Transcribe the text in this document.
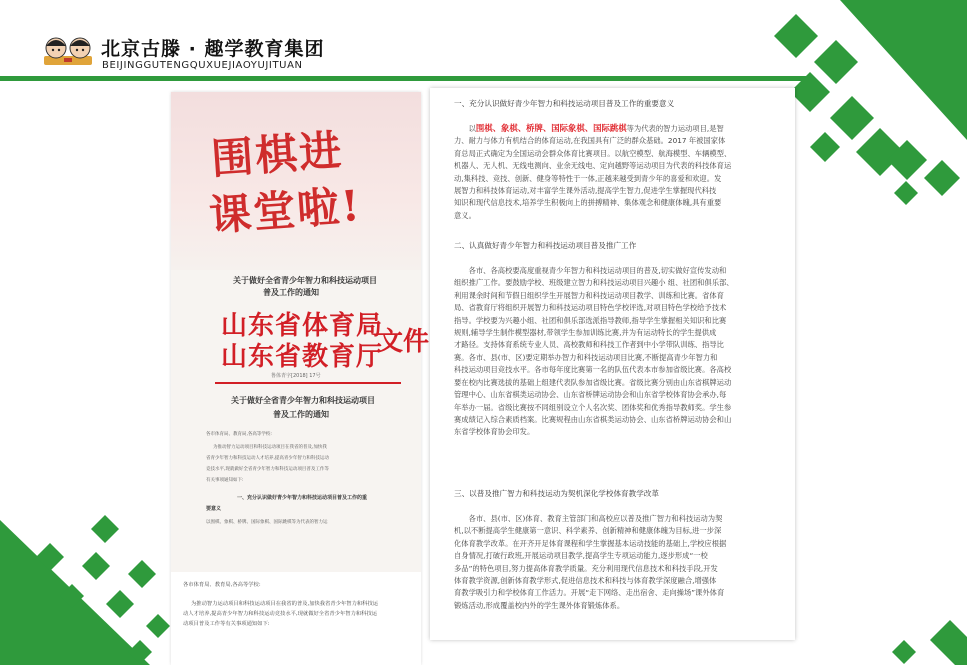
北京古滕 · 趣学教育集团
BEIJINGGUTENGQUXUEJIAOYUJITUAN
围棋进
课堂啦!
关于做好全省青少年智力和科技运动项目
普及工作的通知
山东省体育局
山东省教育厅
文件
鲁体青字[2018] 17号
关于做好全省青少年智力和科技运动项目
普及工作的通知
各市体育局、教育局,各高等学校:
为推动智力运动项目和科技运动项目在我省的普及,加快我
省青少年智力和科技运动人才培养,提高青少年智力和科技运动
竞技水平,现就做好全省青少年智力和科技运动项目普及工作等
有关事项通知如下:
一、充分认识做好青少年智力和科技运动项目普及工作的重
要意义
以围棋、象棋、桥牌、国际象棋、国际跳棋等为代表的智力运
各市体育局、教育局,各高等学校:
为推动智力运动项目和科技运动项目在我省的普及,加快我省青少年智力和科技运
动人才培养,提高青少年智力和科技运动竞技水平,现就做好全省青少年智力和科技运
动项目普及工作等有关事项通知如下:
一、充分认识做好青少年智力和科技运动项目普及工作的重要意义
　　以围棋、象棋、桥牌、国际象棋、国际跳棋等为代表的智力运动项目,是智
力、耐力与体力有机结合的体育运动,在我国具有广泛的群众基础。2017 年被国家体
育总局正式确定为全国运动会群众体育比赛项目。以航空模型、航海模型、车辆模型、
机器人、无人机、无线电测向、业余无线电、定向越野等运动项目为代表的科技体育运
动,集科技、竞技、创新、健身等特性于一体,正越来越受到青少年的喜爱和欢迎。发
展智力和科技体育运动,对丰富学生课外活动,提高学生智力,促进学生掌握现代科技
知识和现代信息技术,培养学生积极向上的拼搏精神、集体观念和健康体魄,具有重要
意义。
二、认真做好青少年智力和科技运动项目普及推广工作
　　各市、各高校要高度重视青少年智力和科技运动项目的普及,切实做好宣传发动和
组织推广工作。要鼓励学校、班级建立智力和科技运动项目兴趣小 组、社团和俱乐部、
利用课余时间和节假日组织学生开展智力和科技运动项目教学、训练和比赛。省体育
局、省教育厅将组织开展智力和科技运动项目特色学校评选,对项目特色学校给予技术
指导。学校要为兴趣小组、社团和俱乐部选派指导教师,指导学生掌握相关知识和比赛
规则,辅导学生制作模型器材,带领学生参加训练比赛,并为有运动特长的学生提供成
才路径。支持体育系统专业人员、高校教师和科技工作者到中小学带队训练、指导比
赛。
　　 各市、县(市、区)要定期举办智力和科技运动项目比赛,不断提高青少年智力和
科技运动项目竞技水平。各市每年度比赛第一名的队伍代表本市参加省级比赛。各高校
要在校内比赛选拔的基础上组建代表队参加省级比赛。省级比赛分别由山东省棋牌运动
管理中心、山东省棋类运动协会、山东省桥牌运动协会和山东省学校体育协会承办,每
年举办一届。省级比赛按不同组别设立个人名次奖、团体奖和优秀指导教师奖。学生参
赛成绩记入综合素质档案。比赛规程由山东省棋类运动协会、山东省桥牌运动协会和山
东省学校体育协会印发。
三、以普及推广智力和科技运动为契机深化学校体育教学改革
　　各市、县(市、区)体育、教育主管部门和高校应以普及推广智力和科技运动为契
机,以不断提高学生健康第一意识、科学素养、创新精神和健康体魄为目标,进一步深
化体育教学改革。在开齐开足体育课程和学生掌握基本运动技能的基础上,学校应根据
自身情况,打破行政班,开展运动项目教学,提高学生专项运动能力,逐步形成“一校
多品”的特色项目,努力提高体育教学质量。充分利用现代信息技术和科技手段,开发
体育教学资源,创新体育教学形式,促进信息技术和科技与体育教学深度融合,增强体
育教学吸引力和学校体育工作活力。开展“走下网络、走出宿舍、走向操场”课外体育
锻炼活动,形成覆盖校内外的学生课外体育锻炼体系。
